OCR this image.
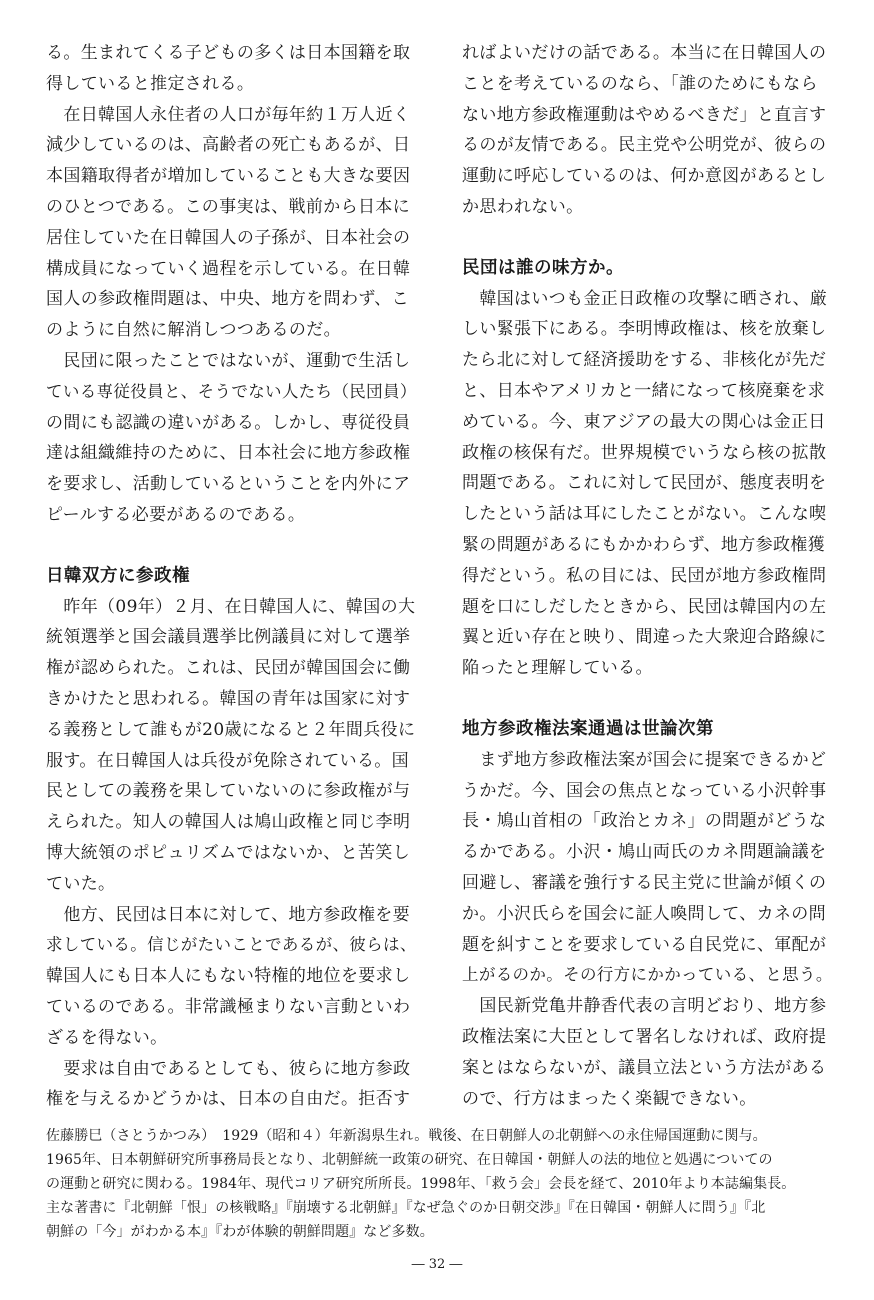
る。生まれてくる子どもの多くは日本国籍を取
得していると推定される。
　在日韓国人永住者の人口が毎年約１万人近く
減少しているのは、高齢者の死亡もあるが、日
本国籍取得者が増加していることも大きな要因
のひとつである。この事実は、戦前から日本に
居住していた在日韓国人の子孫が、日本社会の
構成員になっていく過程を示している。在日韓
国人の参政権問題は、中央、地方を問わず、こ
のように自然に解消しつつあるのだ。
　民団に限ったことではないが、運動で生活し
ている専従役員と、そうでない人たち（民団員）
の間にも認識の違いがある。しかし、専従役員
達は組織維持のために、日本社会に地方参政権
を要求し、活動しているということを内外にア
ピールする必要があるのである。
日韓双方に参政権
　昨年（09年）２月、在日韓国人に、韓国の大
統領選挙と国会議員選挙比例議員に対して選挙
権が認められた。これは、民団が韓国国会に働
きかけたと思われる。韓国の青年は国家に対す
る義務として誰もが20歳になると２年間兵役に
服す。在日韓国人は兵役が免除されている。国
民としての義務を果していないのに参政権が与
えられた。知人の韓国人は鳩山政権と同じ李明
博大統領のポピュリズムではないか、と苦笑し
ていた。
　他方、民団は日本に対して、地方参政権を要
求している。信じがたいことであるが、彼らは、
韓国人にも日本人にもない特権的地位を要求し
ているのである。非常識極まりない言動といわ
ざるを得ない。
　要求は自由であるとしても、彼らに地方参政
権を与えるかどうかは、日本の自由だ。拒否す
ればよいだけの話である。本当に在日韓国人の
ことを考えているのなら、「誰のためにもなら
ない地方参政権運動はやめるべきだ」と直言す
るのが友情である。民主党や公明党が、彼らの
運動に呼応しているのは、何か意図があるとし
か思われない。
民団は誰の味方か。
　韓国はいつも金正日政権の攻撃に晒され、厳
しい緊張下にある。李明博政権は、核を放棄し
たら北に対して経済援助をする、非核化が先だ
と、日本やアメリカと一緒になって核廃棄を求
めている。今、東アジアの最大の関心は金正日
政権の核保有だ。世界規模でいうなら核の拡散
問題である。これに対して民団が、態度表明を
したという話は耳にしたことがない。こんな喫
緊の問題があるにもかかわらず、地方参政権獲
得だという。私の目には、民団が地方参政権問
題を口にしだしたときから、民団は韓国内の左
翼と近い存在と映り、間違った大衆迎合路線に
陥ったと理解している。
地方参政権法案通過は世論次第
　まず地方参政権法案が国会に提案できるかど
うかだ。今、国会の焦点となっている小沢幹事
長・鳩山首相の「政治とカネ」の問題がどうな
るかである。小沢・鳩山両氏のカネ問題論議を
回避し、審議を強行する民主党に世論が傾くの
か。小沢氏らを国会に証人喚問して、カネの問
題を糾すことを要求している自民党に、軍配が
上がるのか。その行方にかかっている、と思う。
　国民新党亀井静香代表の言明どおり、地方参
政権法案に大臣として署名しなければ、政府提
案とはならないが、議員立法という方法がある
ので、行方はまったく楽観できない。
佐藤勝巳（さとうかつみ）　1929（昭和４）年新潟県生れ。戦後、在日朝鮮人の北朝鮮への永住帰国運動に関与。
1965年、日本朝鮮研究所事務局長となり、北朝鮮統一政策の研究、在日韓国・朝鮮人の法的地位と処遇についての
の運動と研究に関わる。1984年、現代コリア研究所所長。1998年、「救う会」会長を経て、2010年より本誌編集長。
主な著書に『北朝鮮「恨」の核戦略』『崩壊する北朝鮮』『なぜ急ぐのか日朝交渉』『在日韓国・朝鮮人に問う』『北
朝鮮の「今」がわかる本』『わが体験的朝鮮問題』など多数。
― 32 ―
